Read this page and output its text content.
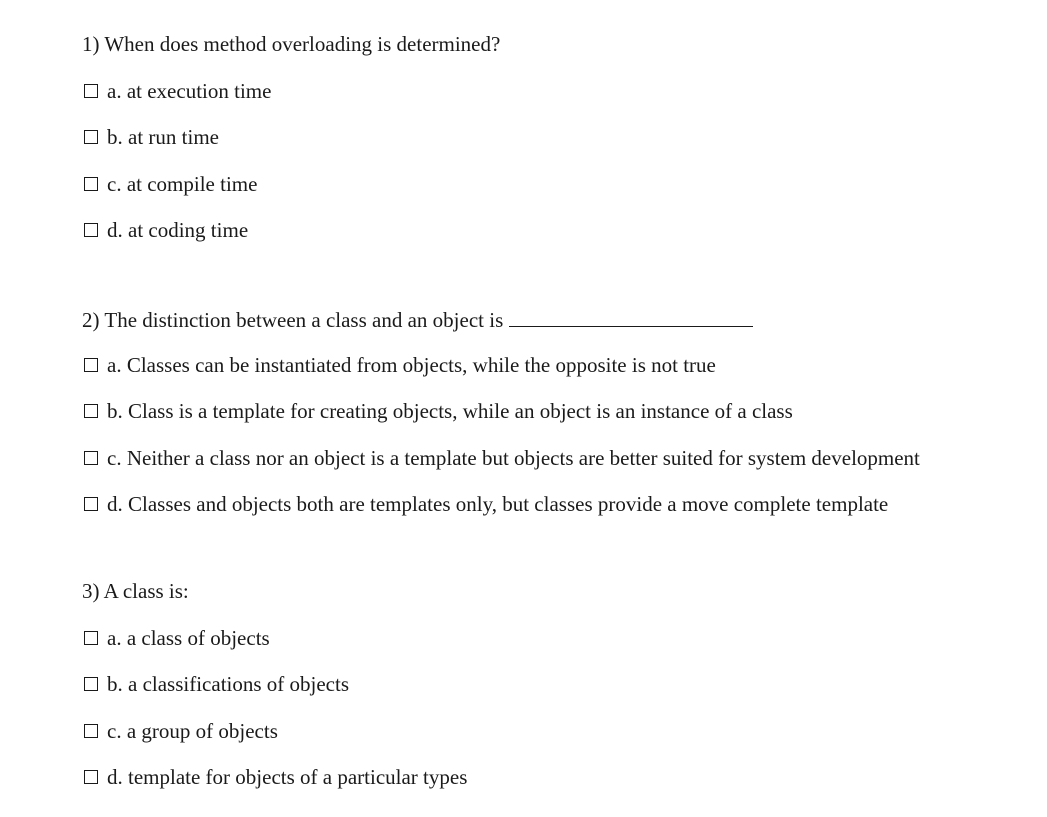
1) When does method overloading is determined?
a.
at execution time
b.
at run time
c.
at compile time
d.
at coding time
2) The distinction between a class and an object is
a.
Classes can be instantiated from objects, while the opposite is not true
b.
Class is a template for creating objects, while an object is an instance of a class
c.
Neither a class nor an object is a template but objects are better suited for system development
d.
Classes and objects both are templates only, but classes provide a move complete template
3) A class is:
a.
a class of objects
b.
a classifications of objects
c.
a group of objects
d.
template for objects of a particular types
